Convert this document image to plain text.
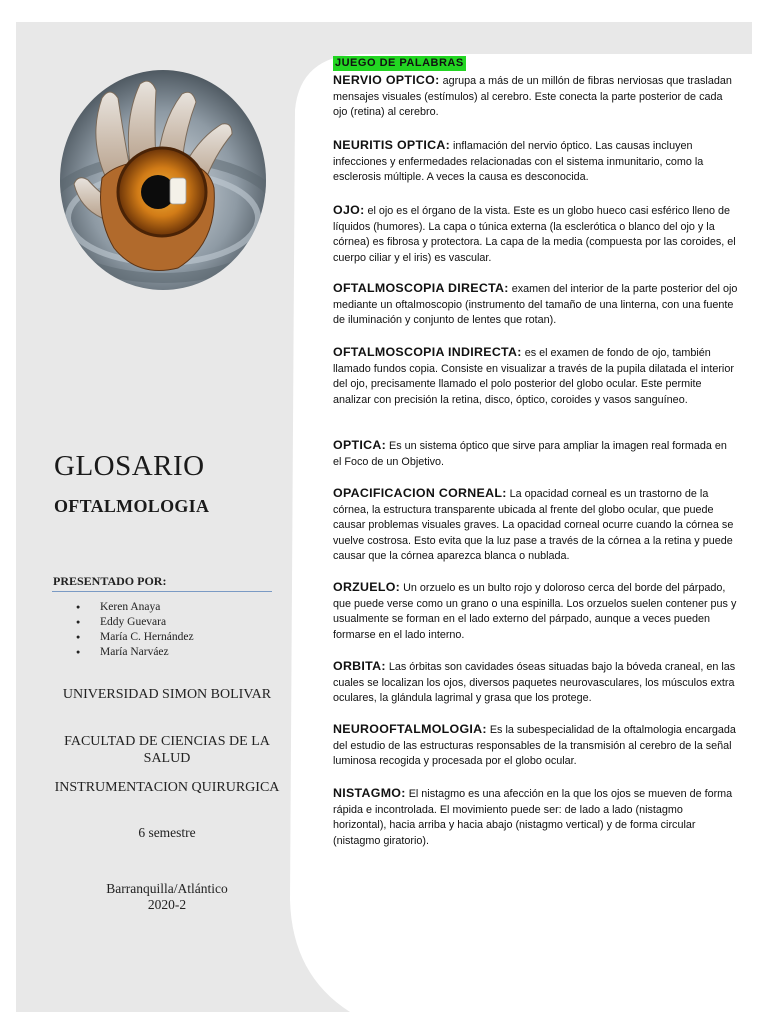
GLOSARIO
OFTALMOLOGIA
PRESENTADO POR:
● Keren Anaya
● Eddy Guevara
● María C. Hernández
● María Narváez
UNIVERSIDAD SIMON BOLIVAR
FACULTAD DE CIENCIAS DE LA SALUD
INSTRUMENTACION QUIRURGICA
6 semestre
Barranquilla/Atlántico
2020-2
JUEGO DE PALABRAS
NERVIO OPTICO: agrupa a más de un millón de fibras nerviosas que trasladan mensajes visuales (estímulos) al cerebro. Este conecta la parte posterior de cada ojo (retina) al cerebro.
NEURITIS OPTICA: inflamación del nervio óptico. Las causas incluyen infecciones y enfermedades relacionadas con el sistema inmunitario, como la esclerosis múltiple. A veces la causa es desconocida.
OJO: el ojo es el órgano de la vista. Este es un globo hueco casi esférico lleno de líquidos (humores). La capa o túnica externa (la esclerótica o blanco del ojo y la córnea) es fibrosa y protectora. La capa de la media (compuesta por las coroides, el cuerpo ciliar y el iris) es vascular.
OFTALMOSCOPIA DIRECTA: examen del interior de la parte posterior del ojo mediante un oftalmoscopio (instrumento del tamaño de una linterna, con una fuente de iluminación y conjunto de lentes que rotan).
OFTALMOSCOPIA INDIRECTA: es el examen de fondo de ojo, también llamado fundos copia. Consiste en visualizar a través de la pupila dilatada el interior del ojo, precisamente llamado el polo posterior del globo ocular. Este permite analizar con precisión la retina, disco, óptico, coroides y vasos sanguíneo.
OPTICA: Es un sistema óptico que sirve para ampliar la imagen real formada en el Foco de un Objetivo.
OPACIFICACION CORNEAL: La opacidad corneal es un trastorno de la córnea, la estructura transparente ubicada al frente del globo ocular, que puede causar problemas visuales graves. La opacidad corneal ocurre cuando la córnea se vuelve costrosa. Esto evita que la luz pase a través de la córnea a la retina y puede causar que la córnea aparezca blanca o nublada.
ORZUELO: Un orzuelo es un bulto rojo y doloroso cerca del borde del párpado, que puede verse como un grano o una espinilla. Los orzuelos suelen contener pus y usualmente se forman en el lado externo del párpado, aunque a veces pueden formarse en el lado interno.
ORBITA: Las órbitas son cavidades óseas situadas bajo la bóveda craneal, en las cuales se localizan los ojos, diversos paquetes neurovasculares, los músculos extra oculares, la glándula lagrimal y grasa que los protege.
NEUROOFTALMOLOGIA: Es la subespecialidad de la oftalmologia encargada del estudio de las estructuras responsables de la transmisión al cerebro de la señal luminosa recogida y procesada por el globo ocular.
NISTAGMO: El nistagmo es una afección en la que los ojos se mueven de forma rápida e incontrolada. El movimiento puede ser: de lado a lado (nistagmo horizontal), hacia arriba y hacia abajo (nistagmo vertical) y de forma circular (nistagmo giratorio).
